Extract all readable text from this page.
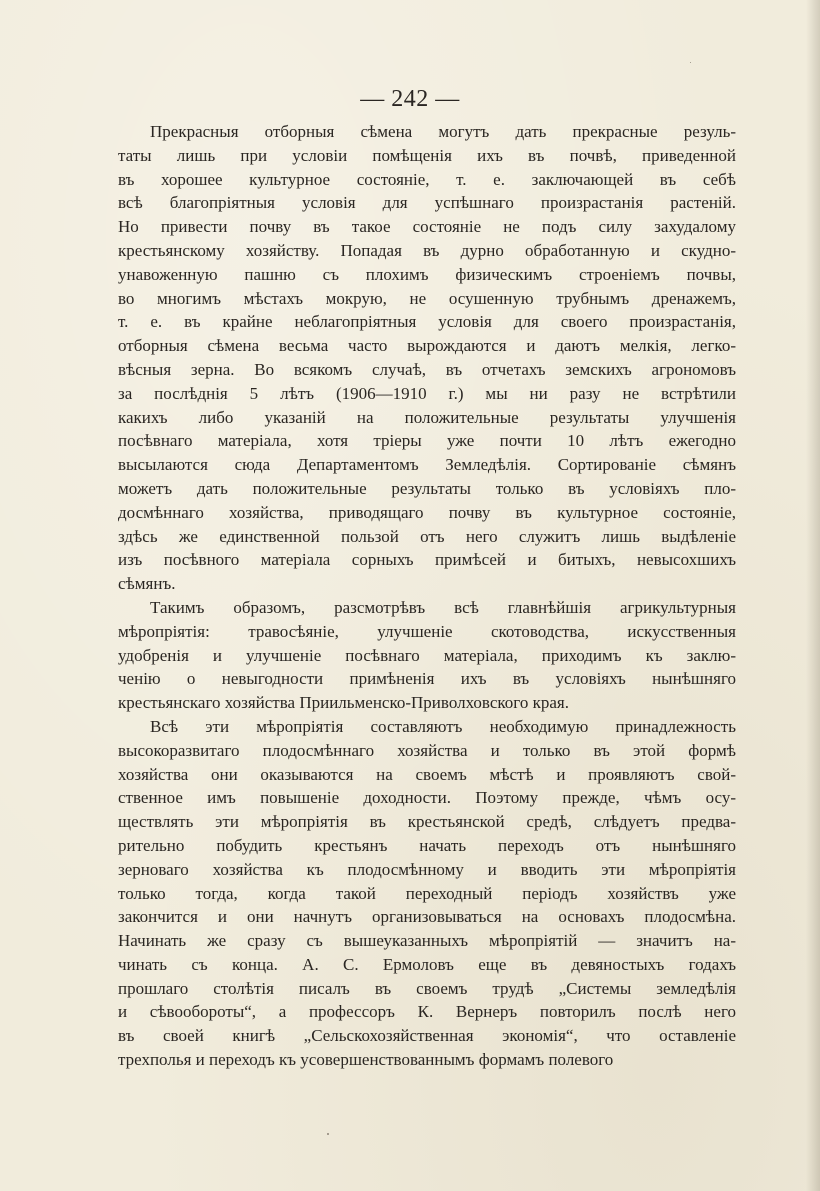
— 242 —
Прекрасныя отборныя сѣмена могутъ дать прекрасные резуль-
таты лишь при условіи помѣщенія ихъ въ почвѣ, приведенной
въ хорошее культурное состояніе, т. е. заключающей въ себѣ
всѣ благопріятныя условія для успѣшнаго произрастанія растеній.
Но привести почву въ такое состояніе не подъ силу захудалому
крестьянскому хозяйству. Попадая въ дурно обработанную и скудно-
унавоженную пашню съ плохимъ физическимъ строеніемъ почвы,
во многимъ мѣстахъ мокрую, не осушенную трубнымъ дренажемъ,
т. е. въ крайне неблагопріятныя условія для своего произрастанія,
отборныя сѣмена весьма часто вырождаются и даютъ мелкія, легко-
вѣсныя зерна. Во всякомъ случаѣ, въ отчетахъ земскихъ агрономовъ
за послѣднія 5 лѣтъ (1906—1910 г.) мы ни разу не встрѣтили
какихъ либо указаній на положительные результаты улучшенія
посѣвнаго матеріала, хотя тріеры уже почти 10 лѣтъ ежегодно
высылаются сюда Департаментомъ Земледѣлія. Сортированіе сѣмянъ
можетъ дать положительные результаты только въ условіяхъ пло-
досмѣннаго хозяйства, приводящаго почву въ культурное состояніе,
здѣсь же единственной пользой отъ него служитъ лишь выдѣленіе
изъ посѣвного матеріала сорныхъ примѣсей и битыхъ, невысохшихъ
сѣмянъ.
Такимъ образомъ, разсмотрѣвъ всѣ главнѣйшія агрикультурныя
мѣропріятія: травосѣяніе, улучшеніе скотоводства, искусственныя
удобренія и улучшеніе посѣвнаго матеріала, приходимъ къ заклю-
ченію о невыгодности примѣненія ихъ въ условіяхъ нынѣшняго
крестьянскаго хозяйства Приильменско-Приволховского края.
Всѣ эти мѣропріятія составляютъ необходимую принадлежность
высокоразвитаго плодосмѣннаго хозяйства и только въ этой формѣ
хозяйства они оказываются на своемъ мѣстѣ и проявляютъ свой-
ственное имъ повышеніе доходности. Поэтому прежде, чѣмъ осу-
ществлять эти мѣропріятія въ крестьянской средѣ, слѣдуетъ предва-
рительно побудить крестьянъ начать переходъ отъ нынѣшняго
зерноваго хозяйства къ плодосмѣнному и вводить эти мѣропріятія
только тогда, когда такой переходный періодъ хозяйствъ уже
закончится и они начнутъ организовываться на основахъ плодосмѣна.
Начинать же сразу съ вышеуказанныхъ мѣропріятій — значитъ на-
чинать съ конца. А. С. Ермоловъ еще въ девяностыхъ годахъ
прошлаго столѣтія писалъ въ своемъ трудѣ „Системы земледѣлія
и сѣвообороты“, а профессоръ К. Вернеръ повторилъ послѣ него
въ своей книгѣ „Сельскохозяйственная экономія“, что оставленіе
трехполья и переходъ къ усовершенствованнымъ формамъ полевого
